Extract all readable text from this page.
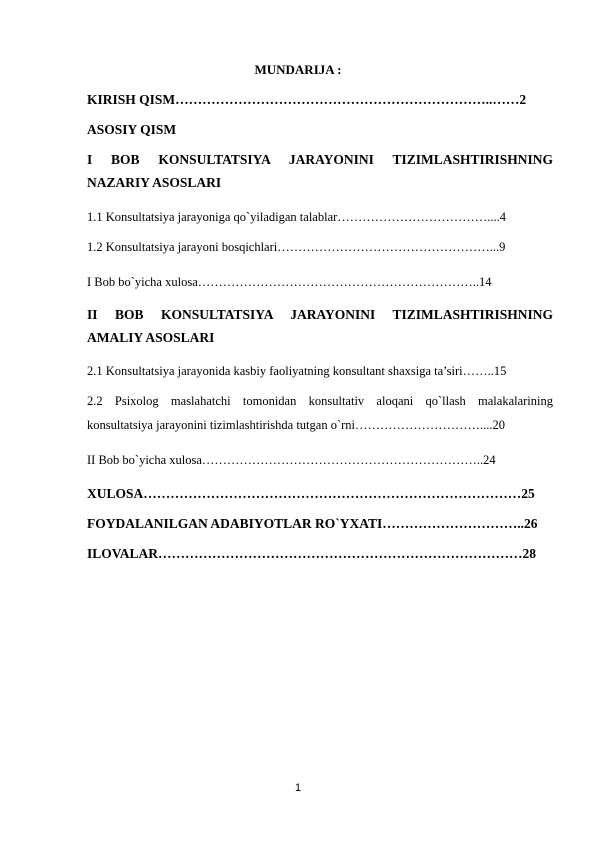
MUNDARIJA :
KIRISH QISM……………………………………………………………..……2
ASOSIY QISM
I BOB KONSULTATSIYA JARAYONINI TIZIMLASHTIRISHNING
NAZARIY ASOSLARI
1.1 Konsultatsiya jarayoniga qo`yiladigan talablar………………………………....4
1.2 Konsultatsiya jarayoni bosqichlari……………………………………………...9
I Bob bo`yicha xulosa…………………………………………………………..14
II BOB KONSULTATSIYA JARAYONINI TIZIMLASHTIRISHNING
AMALIY ASOSLARI
2.1 Konsultatsiya jarayonida kasbiy faoliyatning konsultant shaxsiga ta’siri……..15
2.2 Psixolog maslahatchi tomonidan konsultativ aloqani qo`llash malakalarining
konsultatsiya jarayonini tizimlashtirishda tutgan o`rni…………………………....20
II Bob bo`yicha xulosa…………………………………………………………..24
XULOSA…………………………………………………………………………25
FOYDALANILGAN ADABIYOTLAR RO`YXATI…………………………..26
ILOVALAR………………………………………………………………………28
1
